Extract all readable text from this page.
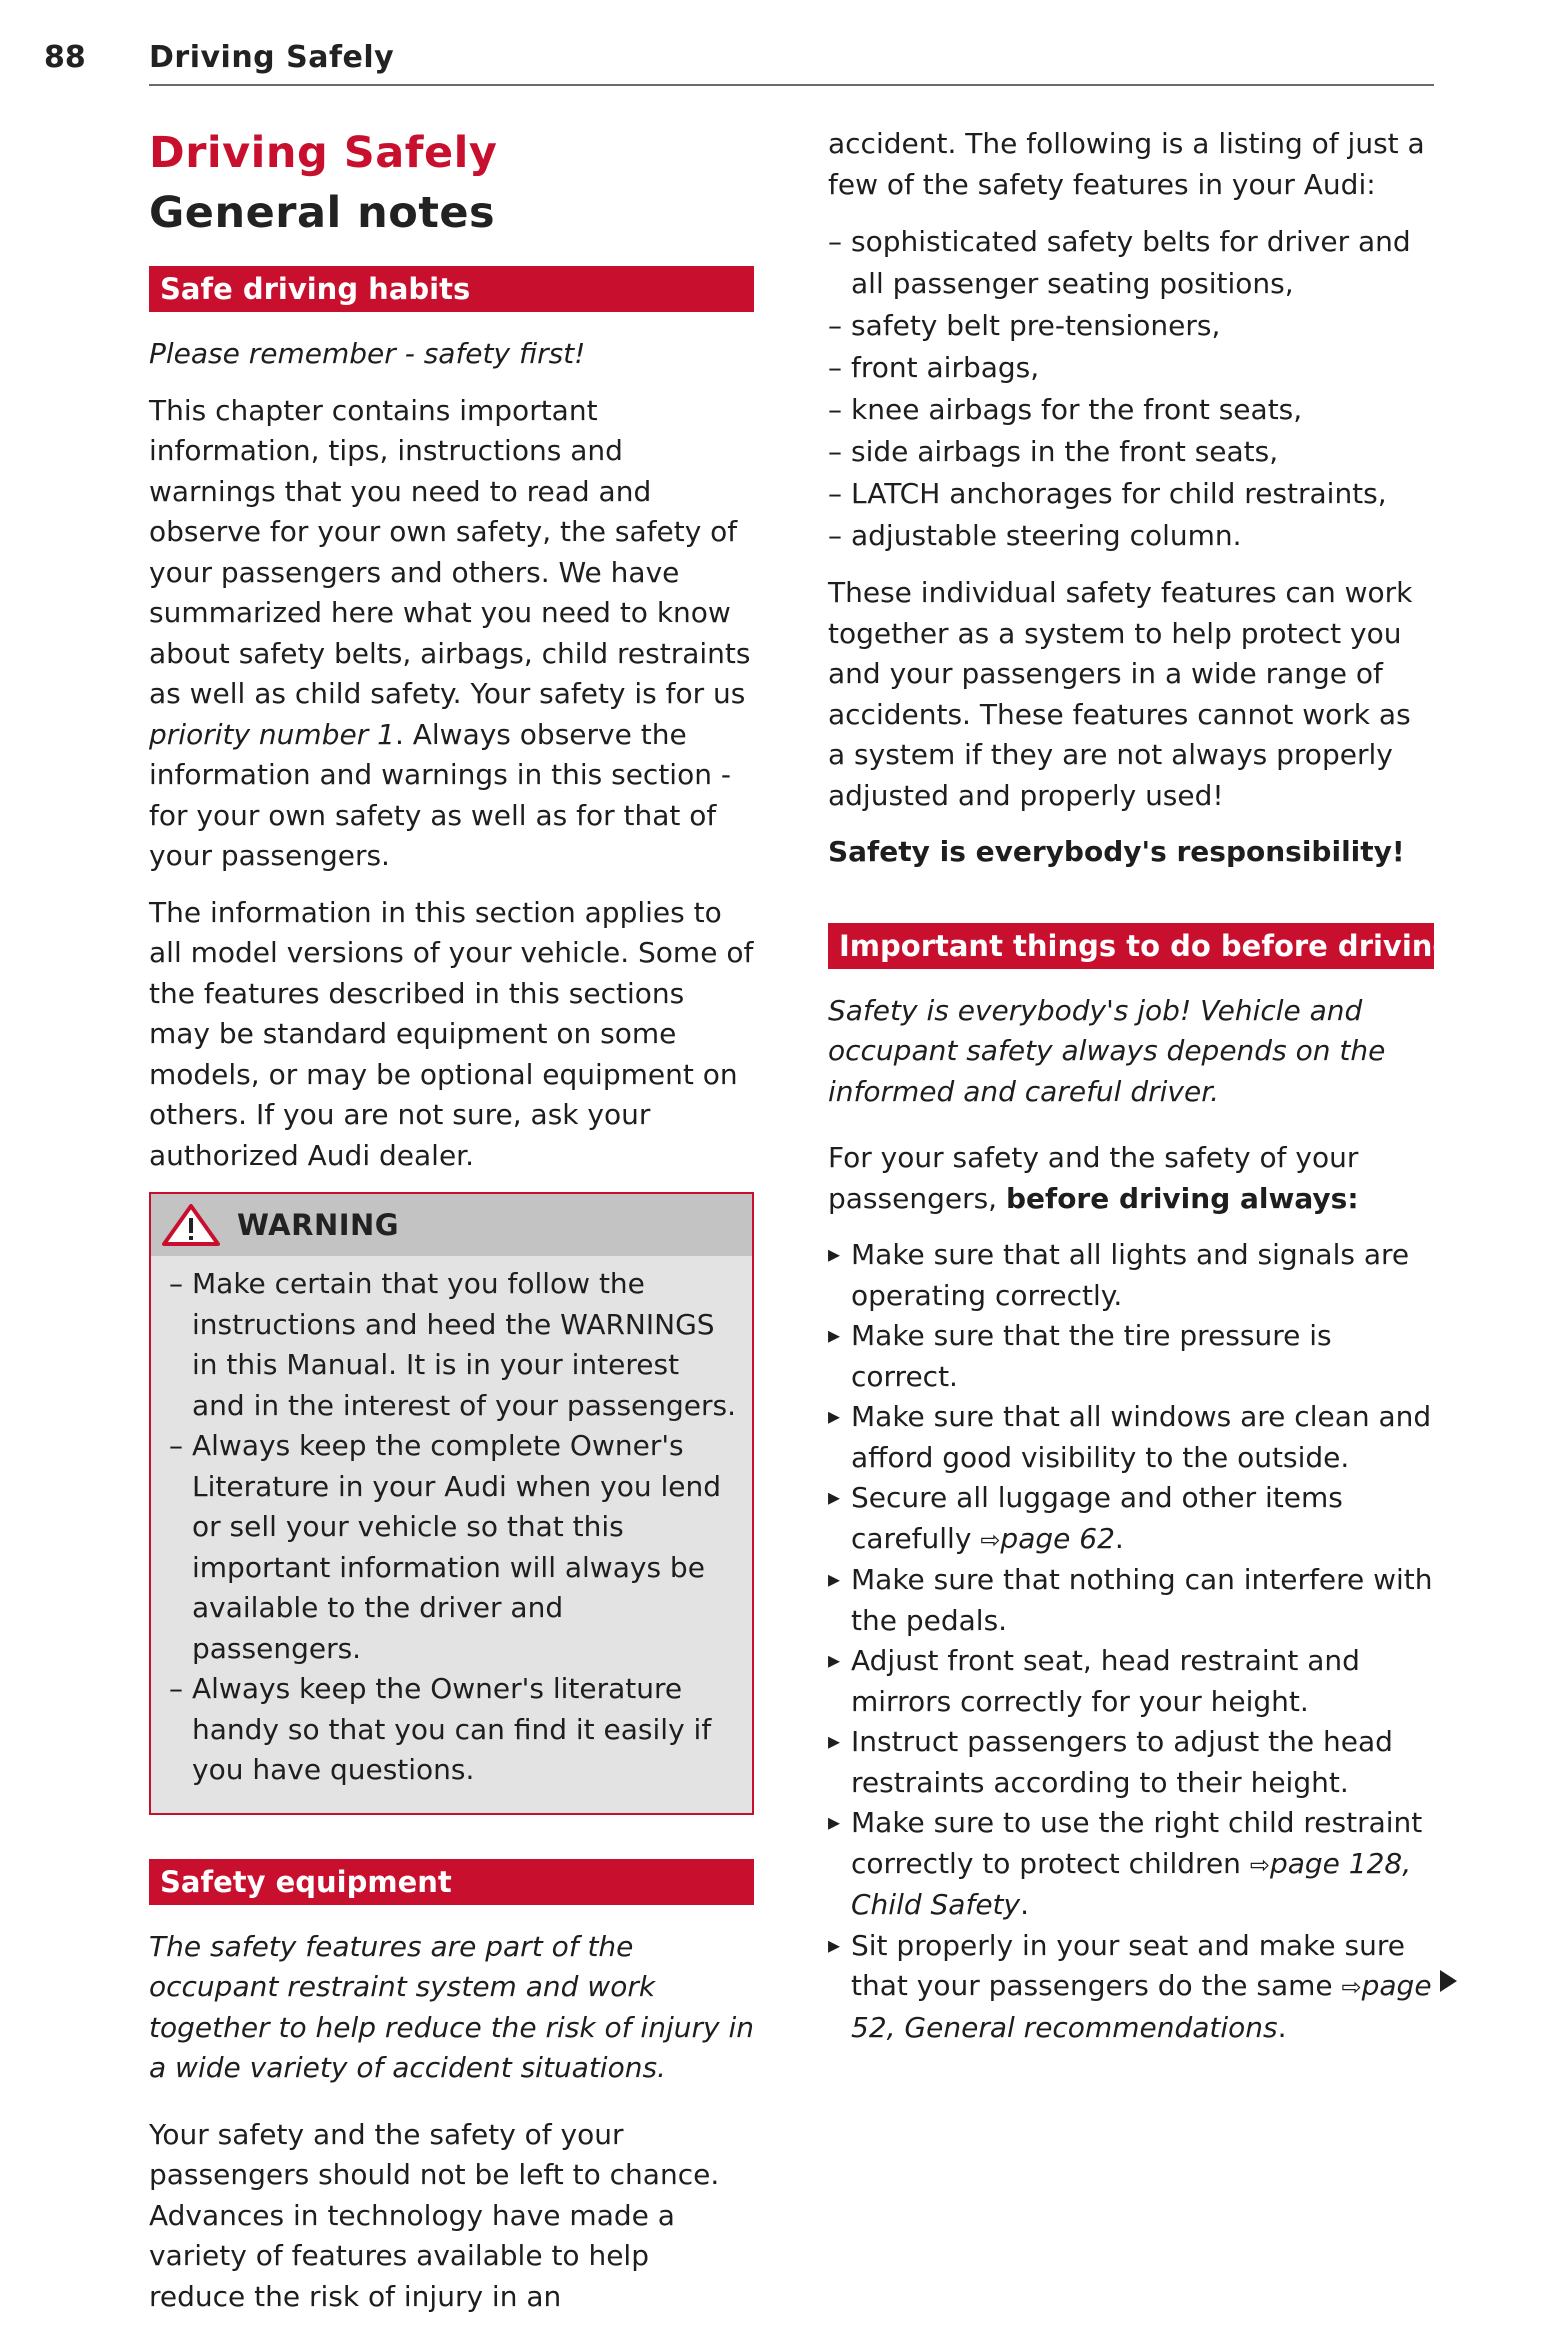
88 Driving Safely
Driving Safely
General notes
Safe driving habits

Please remember - safety first!

This chapter contains important information, tips, instructions and warnings that you need to read and observe for your own safety, the safety of your passengers and others. We have summarized here what you need to know about safety belts, airbags, child restraints as well as child safety. Your safety is for us priority number 1. Always observe the information and warnings in this section - for your own safety as well as for that of your passengers.

The information in this section applies to all model versions of your vehicle. Some of the features described in this sections may be standard equipment on some models, or may be optional equipment on others. If you are not sure, ask your authorized Audi dealer.

WARNING
– Make certain that you follow the instructions and heed the WARNINGS in this Manual. It is in your interest and in the interest of your passengers.
– Always keep the complete Owner's Literature in your Audi when you lend or sell your vehicle so that this important information will always be available to the driver and passengers.
– Always keep the Owner's literature handy so that you can find it easily if you have questions.
Safety equipment

The safety features are part of the occupant restraint system and work together to help reduce the risk of injury in a wide variety of accident situations.

Your safety and the safety of your passengers should not be left to chance. Advances in technology have made a variety of features available to help reduce the risk of injury in an

accident. The following is a listing of just a few of the safety features in your Audi:

– sophisticated safety belts for driver and all passenger seating positions,
– safety belt pre-tensioners,
– front airbags,
– knee airbags for the front seats,
– side airbags in the front seats,
– LATCH anchorages for child restraints,
– adjustable steering column.

These individual safety features can work together as a system to help protect you and your passengers in a wide range of accidents. These features cannot work as a system if they are not always properly adjusted and properly used!

Safety is everybody's responsibility!

Important things to do before driving

Safety is everybody's job! Vehicle and occupant safety always depends on the informed and careful driver.

For your safety and the safety of your passengers, before driving always:

▸ Make sure that all lights and signals are operating correctly.
▸ Make sure that the tire pressure is correct.
▸ Make sure that all windows are clean and afford good visibility to the outside.
▸ Secure all luggage and other items carefully ⇨page 62.
▸ Make sure that nothing can interfere with the pedals.
▸ Adjust front seat, head restraint and mirrors correctly for your height.
▸ Instruct passengers to adjust the head restraints according to their height.
▸ Make sure to use the right child restraint correctly to protect children ⇨page 128, Child Safety.
▸ Sit properly in your seat and make sure that your passengers do the same ⇨page 52, General recommendations.
